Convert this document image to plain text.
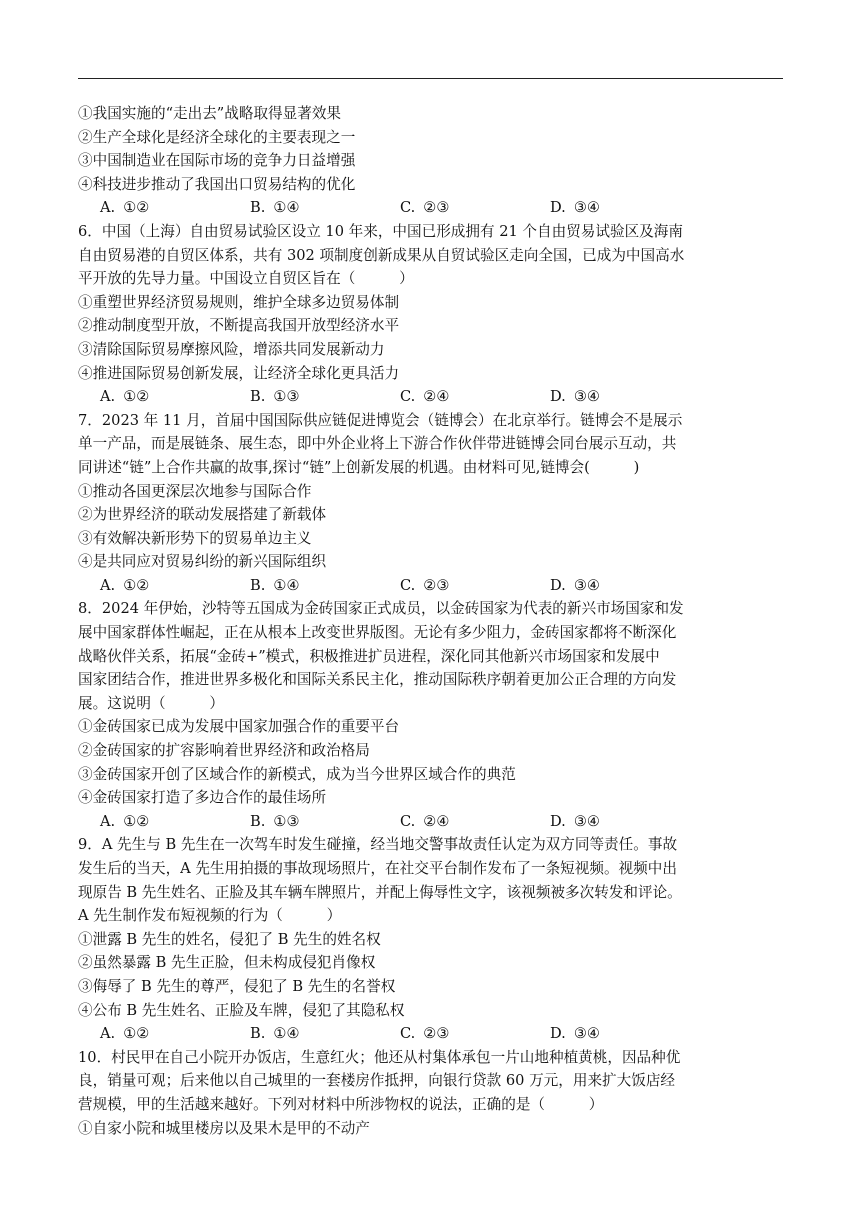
①我国实施的“走出去”战略取得显著效果
②生产全球化是经济全球化的主要表现之一
③中国制造业在国际市场的竞争力日益增强
④科技进步推动了我国出口贸易结构的优化
A. ①②	B. ①④	C. ②③	D. ③④
6．中国（上海）自由贸易试验区设立 10 年来，中国已形成拥有 21 个自由贸易试验区及海南
自由贸易港的自贸区体系，共有 302 项制度创新成果从自贸试验区走向全国，已成为中国高水
平开放的先导力量。中国设立自贸区旨在（　　　）
①重塑世界经济贸易规则，维护全球多边贸易体制
②推动制度型开放，不断提高我国开放型经济水平
③清除国际贸易摩擦风险，增添共同发展新动力
④推进国际贸易创新发展，让经济全球化更具活力
A. ①②	B. ①③	C. ②④	D. ③④
7．2023 年 11 月，首届中国国际供应链促进博览会（链博会）在北京举行。链博会不是展示
单一产品，而是展链条、展生态，即中外企业将上下游合作伙伴带进链博会同台展示互动，共
同讲述“链”上合作共赢的故事,探讨“链”上创新发展的机遇。由材料可见,链博会(　　　)
①推动各国更深层次地参与国际合作
②为世界经济的联动发展搭建了新载体
③有效解决新形势下的贸易单边主义
④是共同应对贸易纠纷的新兴国际组织
A. ①②	B. ①④	C. ②③	D. ③④
8．2024 年伊始，沙特等五国成为金砖国家正式成员，以金砖国家为代表的新兴市场国家和发
展中国家群体性崛起，正在从根本上改变世界版图。无论有多少阻力，金砖国家都将不断深化
战略伙伴关系，拓展“金砖+”模式，积极推进扩员进程，深化同其他新兴市场国家和发展中
国家团结合作，推进世界多极化和国际关系民主化，推动国际秩序朝着更加公正合理的方向发
展。这说明（　　　）
①金砖国家已成为发展中国家加强合作的重要平台
②金砖国家的扩容影响着世界经济和政治格局
③金砖国家开创了区域合作的新模式，成为当今世界区域合作的典范
④金砖国家打造了多边合作的最佳场所
A. ①②	B. ①③	C. ②④	D. ③④
9．A 先生与 B 先生在一次驾车时发生碰撞，经当地交警事故责任认定为双方同等责任。事故
发生后的当天，A 先生用拍摄的事故现场照片，在社交平台制作发布了一条短视频。视频中出
现原告 B 先生姓名、正脸及其车辆车牌照片，并配上侮辱性文字，该视频被多次转发和评论。
A 先生制作发布短视频的行为（　　　）
①泄露 B 先生的姓名，侵犯了 B 先生的姓名权
②虽然暴露 B 先生正脸，但未构成侵犯肖像权
③侮辱了 B 先生的尊严，侵犯了 B 先生的名誉权
④公布 B 先生姓名、正脸及车牌，侵犯了其隐私权
A. ①②	B. ①④	C. ②③	D. ③④
10．村民甲在自己小院开办饭店，生意红火；他还从村集体承包一片山地种植黄桃，因品种优
良，销量可观；后来他以自己城里的一套楼房作抵押，向银行贷款 60 万元，用来扩大饭店经
营规模，甲的生活越来越好。下列对材料中所涉物权的说法，正确的是（　　　）
①自家小院和城里楼房以及果木是甲的不动产
